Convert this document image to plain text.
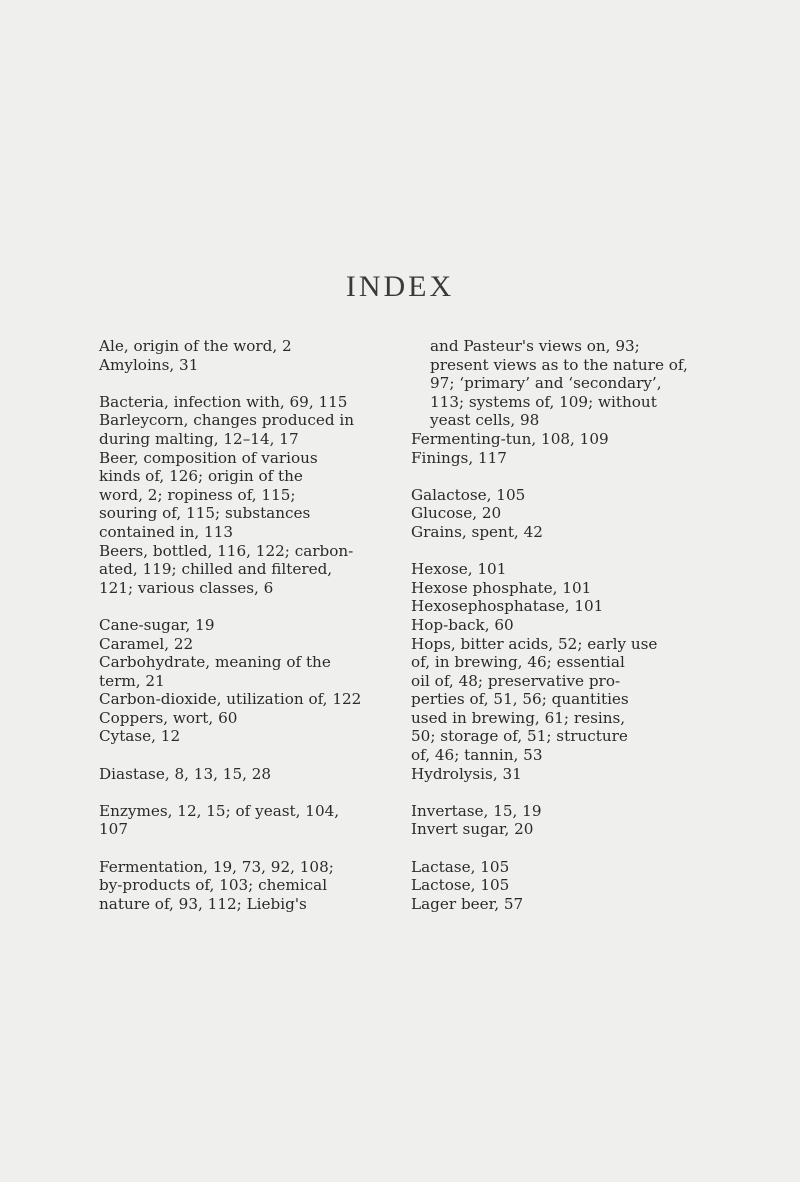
INDEX

Ale, origin of the word, 2

Amyloins, 31

Bacteria, infection with, 69, 115

Barleycorn, changes produced in
during malting, 12–14, 17

Beer, composition of various
kinds of, 126; origin of the
word, 2; ropiness of, 115;
souring of, 115; substances
contained in, 113

Beers, bottled, 116, 122; carbon-
ated, 119; chilled and filtered,
121; various classes, 6

Cane-sugar, 19

Caramel, 22

Carbohydrate, meaning of the
term, 21

Carbon-dioxide, utilization of, 122

Coppers, wort, 60

Cytase, 12

Diastase, 8, 13, 15, 28

Enzymes, 12, 15; of yeast, 104,
107

Fermentation, 19, 73, 92, 108;
by-products of, 103; chemical
nature of, 93, 112; Liebig's

and Pasteur's views on, 93;
present views as to the nature of,
97; ‘primary’ and ‘secondary’,
113; systems of, 109; without
yeast cells, 98

Fermenting-tun, 108, 109

Finings, 117

Galactose, 105

Glucose, 20

Grains, spent, 42

Hexose, 101

Hexose phosphate, 101

Hexosephosphatase, 101

Hop-back, 60

Hops, bitter acids, 52; early use
of, in brewing, 46; essential
oil of, 48; preservative pro-
perties of, 51, 56; quantities
used in brewing, 61; resins,
50; storage of, 51; structure
of, 46; tannin, 53

Hydrolysis, 31

Invertase, 15, 19

Invert sugar, 20

Lactase, 105

Lactose, 105

Lager beer, 57
